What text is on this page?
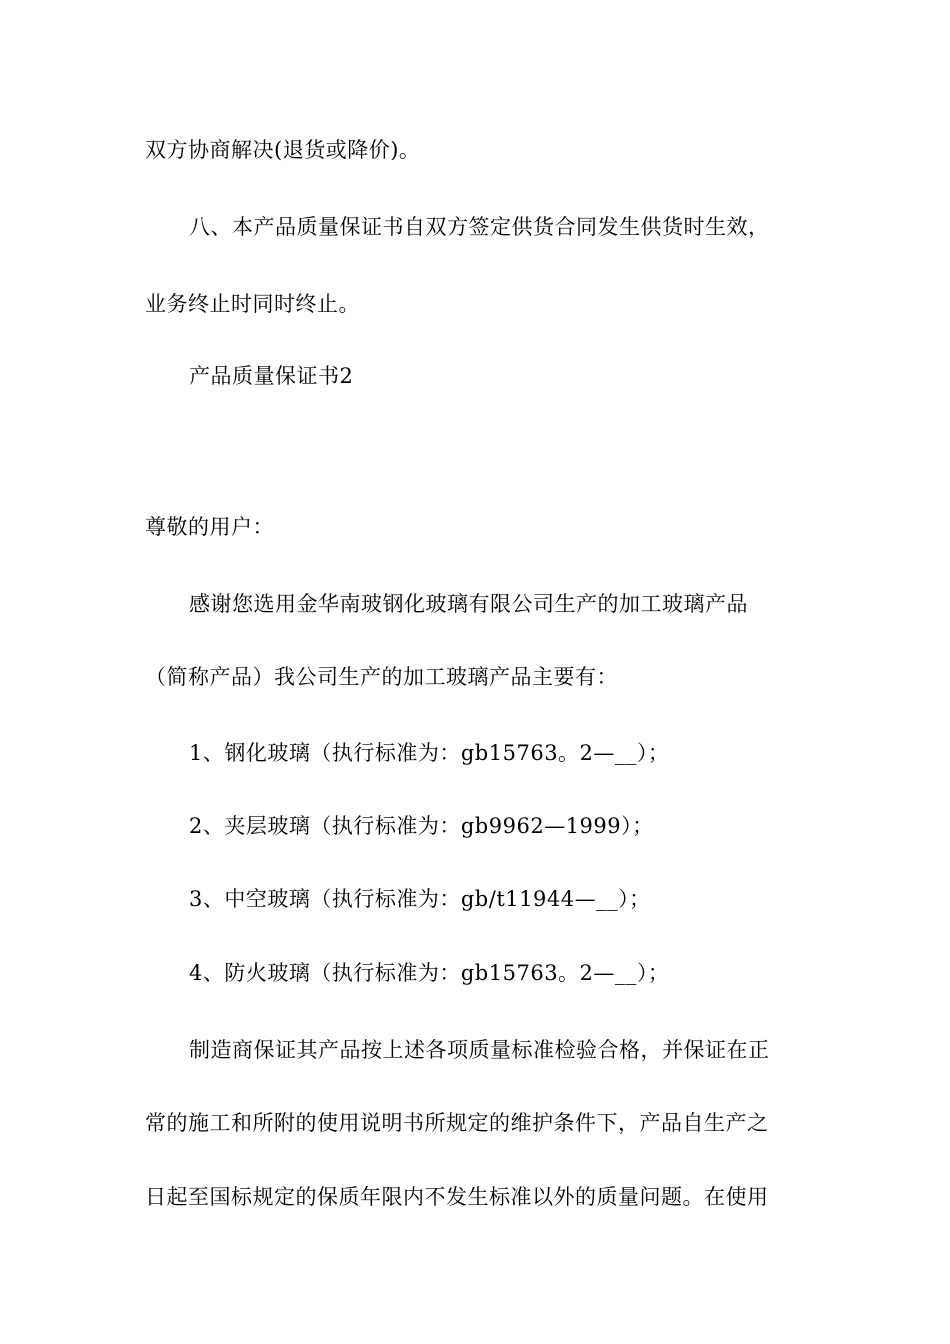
双方协商解决(退货或降价)。
八、本产品质量保证书自双方签定供货合同发生供货时生效，
业务终止时同时终止。
产品质量保证书2
尊敬的用户：
感谢您选用金华南玻钢化玻璃有限公司生产的加工玻璃产品
（简称产品）我公司生产的加工玻璃产品主要有：
1、钢化玻璃（执行标准为：gb15763。2—__）；
2、夹层玻璃（执行标准为：gb9962—1999）；
3、中空玻璃（执行标准为：gb/t11944—__）；
4、防火玻璃（执行标准为：gb15763。2—__）；
制造商保证其产品按上述各项质量标准检验合格，并保证在正
常的施工和所附的使用说明书所规定的维护条件下，产品自生产之
日起至国标规定的保质年限内不发生标准以外的质量问题。在使用
